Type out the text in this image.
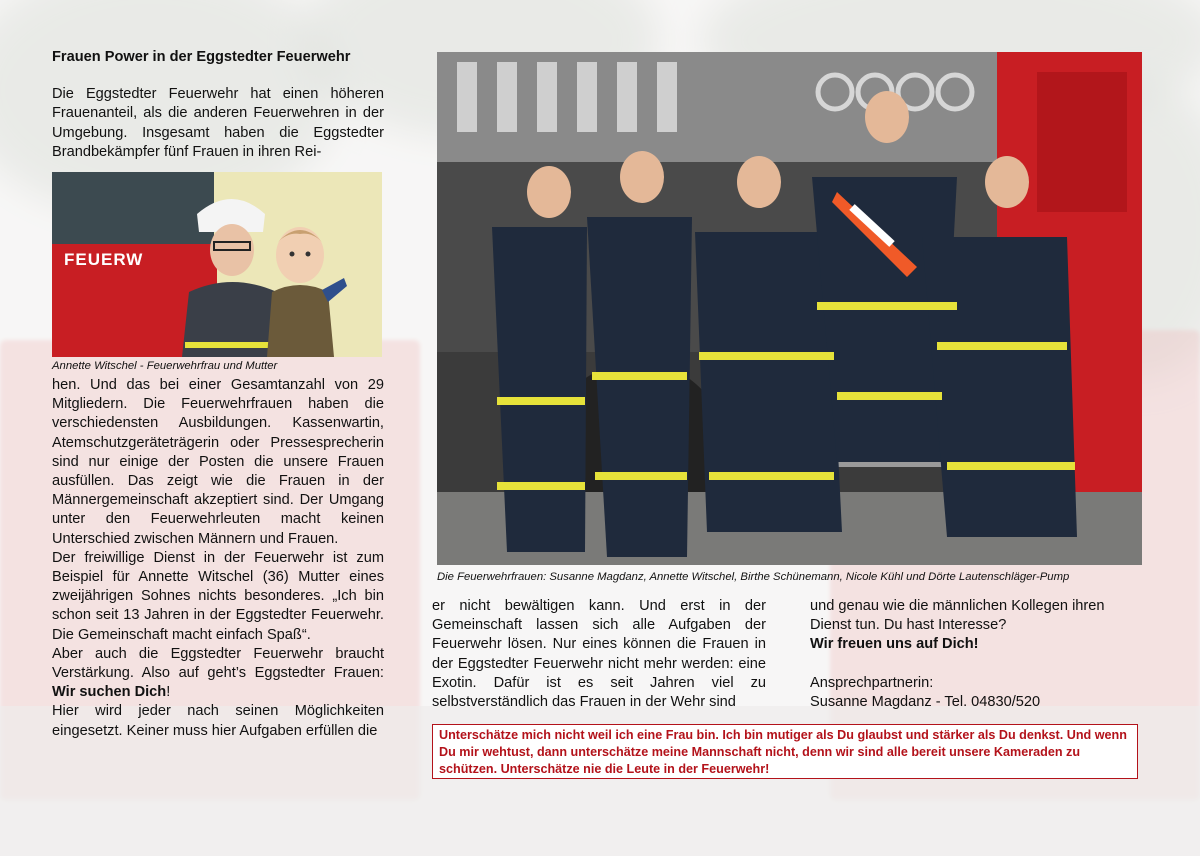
Frauen Power in der Eggstedter Feuerwehr

Die Eggstedter Feuerwehr hat einen höheren Frauenanteil, als die anderen Feuerwehren in der Umgebung. Insgesamt haben die Eggstedter Brandbekämpfer fünf Frauen in ihren Rei-

FEUERW
Annette Witschel - Feuerwehrfrau und Mutter

hen. Und das bei einer Gesamtanzahl von 29 Mitgliedern. Die Feuerwehrfrauen haben die verschiedensten Ausbildungen. Kassenwartin, Atemschutzgeräteträgerin oder Pressesprecherin sind nur einige der Posten die unsere Frauen ausfüllen. Das zeigt wie die Frauen in der Männergemeinschaft akzeptiert sind. Der Umgang unter den Feuerwehrleuten macht keinen Unterschied zwischen Männern und Frauen.

Der freiwillige Dienst in der Feuerwehr ist zum Beispiel für Annette Witschel (36) Mutter eines zweijährigen Sohnes nichts besonderes. „Ich bin schon seit 13 Jahren in der Eggstedter Feuerwehr. Die Gemeinschaft macht einfach Spaß“.

Aber auch die Eggstedter Feuerwehr braucht Verstärkung. Also auf geht’s Eggstedter Frauen: Wir suchen Dich!

Hier wird jeder nach seinen Möglichkeiten eingesetzt. Keiner muss hier Aufgaben erfüllen die

Die Feuerwehrfrauen: Susanne Magdanz, Annette Witschel, Birthe Schünemann, Nicole Kühl und Dörte Lautenschläger-Pump

er nicht bewältigen kann. Und erst in der Gemeinschaft lassen sich alle Aufgaben der Feuerwehr lösen. Nur eines können die Frauen in der Eggstedter Feuerwehr nicht mehr werden: eine Exotin. Dafür ist es seit Jahren viel zu selbstverständlich das Frauen in der Wehr sind

und genau wie die männlichen Kollegen ihren Dienst tun. Du hast Interesse?

Wir freuen uns auf Dich!

Ansprechpartnerin:

Susanne Magdanz - Tel. 04830/520

Unterschätze mich nicht weil ich eine Frau bin. Ich bin mutiger als Du glaubst und stärker als Du denkst. Und wenn Du mir wehtust, dann unterschätze meine Mannschaft nicht, denn wir sind alle bereit unsere Kameraden zu schützen. Unterschätze nie die Leute in der Feuerwehr!
